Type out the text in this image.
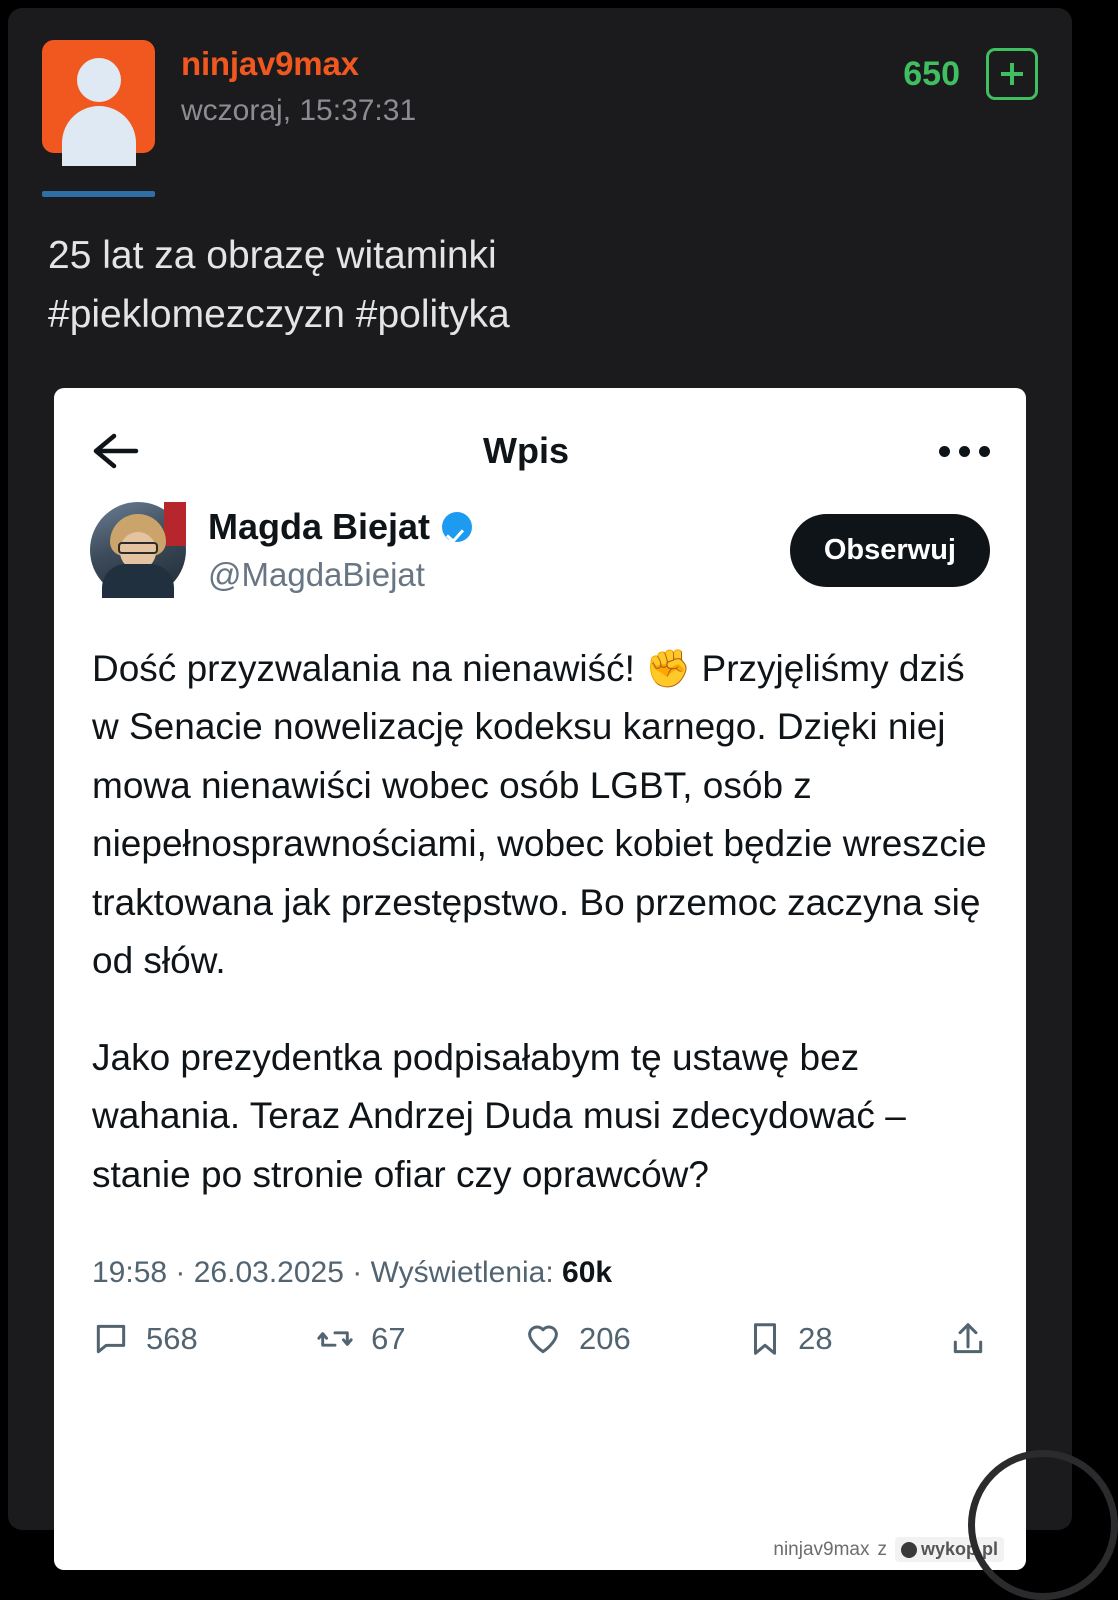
ninjav9max
wczoraj, 15:37:31
650
25 lat za obrazę witaminki
#pieklomezczyzn #polityka
Wpis
Magda Biejat
@MagdaBiejat
Obserwuj

Dość przyzwalania na nienawiść! ✊ Przyjęliśmy dziś w Senacie nowelizację kodeksu karnego. Dzięki niej mowa nienawiści wobec osób LGBT, osób z niepełnosprawnościami, wobec kobiet będzie wreszcie traktowana jak przestępstwo. Bo przemoc zaczyna się od słów.

Jako prezydentka podpisałabym tę ustawę bez wahania. Teraz Andrzej Duda musi zdecydować – stanie po stronie ofiar czy oprawców?

19:58 · 26.03.2025 · Wyświetlenia: 60k
568	67	206	28
ninjav9max z wykop.pl
